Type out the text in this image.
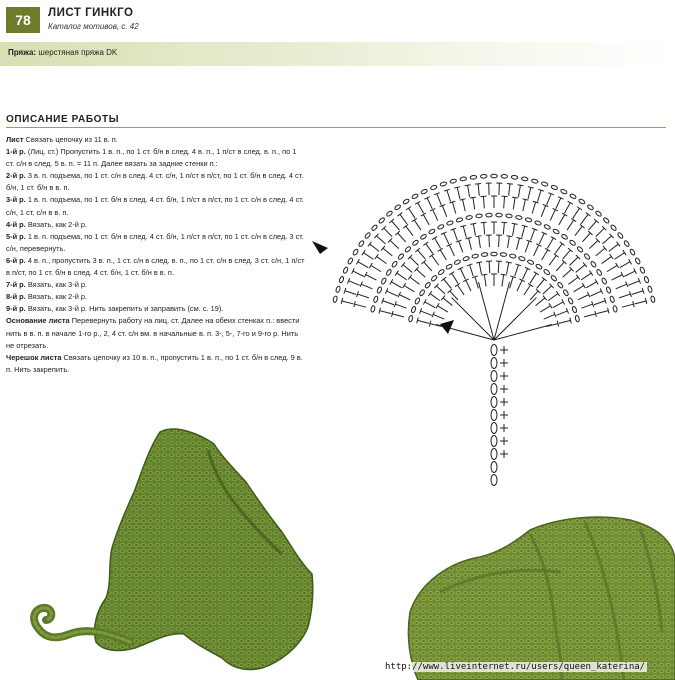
78	ЛИСТ ГИНКГО
Каталог мотивов, с. 42
Пряжа: шерстяная пряжа DK
ОПИСАНИЕ РАБОТЫ

Лист Связать цепочку из 11 в. п.

1-й р. (Лиц. ст.) Пропустить 1 в. п., по 1 ст. б/н в след. 4 в. п., 1 п/ст в след. в. п., по 1 ст. с/н в след. 5 в. п. = 11 п. Далее вязать за задние стенки п.:

2-й р. 3 в. п. подъема, по 1 ст. с/н в след. 4 ст. с/н, 1 п/ст в п/ст, по 1 ст. б/н в след. 4 ст. б/н, 1 ст. б/н в в. п.

3-й р. 1 в. п. подъема, по 1 ст. б/н в след. 4 ст. б/н, 1 п/ст в п/ст, по 1 ст. с/н в след. 4 ст. с/н, 1 ст. с/н в в. п.

4-й р. Вязать, как 2-й р.

5-й р. 1 в. п. подъема, по 1 ст. б/н в след. 4 ст. б/н, 1 п/ст в п/ст, по 1 ст. с/н в след. 3 ст. с/н, перевернуть.

6-й р. 4 в. п., пропустить 3 в. п., 1 ст. с/н в след. в. п., по 1 ст. с/н в след. 3 ст. с/н, 1 п/ст в п/ст, по 1 ст. б/н в след. 4 ст. б/н, 1 ст. б/н в в. п.

7-й р. Вязать, как 3-й р.

8-й р. Вязать, как 2-й р.

9-й р. Вязать, как 3-й р. Нить закрепить и заправить (см. с. 19).

Основание листа Перевернуть работу на лиц. ст. Далее на обеих стенках п.: ввести нить в в. п. в начале 1-го р., 2, 4 ст. с/н вм. в начальные в. п. 3-, 5-, 7-го и 9-го р. Нить не отрезать.

Черешок листа Связать цепочку из 10 в. п., пропустить 1 в. п., по 1 ст. б/н в след. 9 в. п. Нить закрепить.

http://www.liveinternet.ru/users/queen_katerina/
